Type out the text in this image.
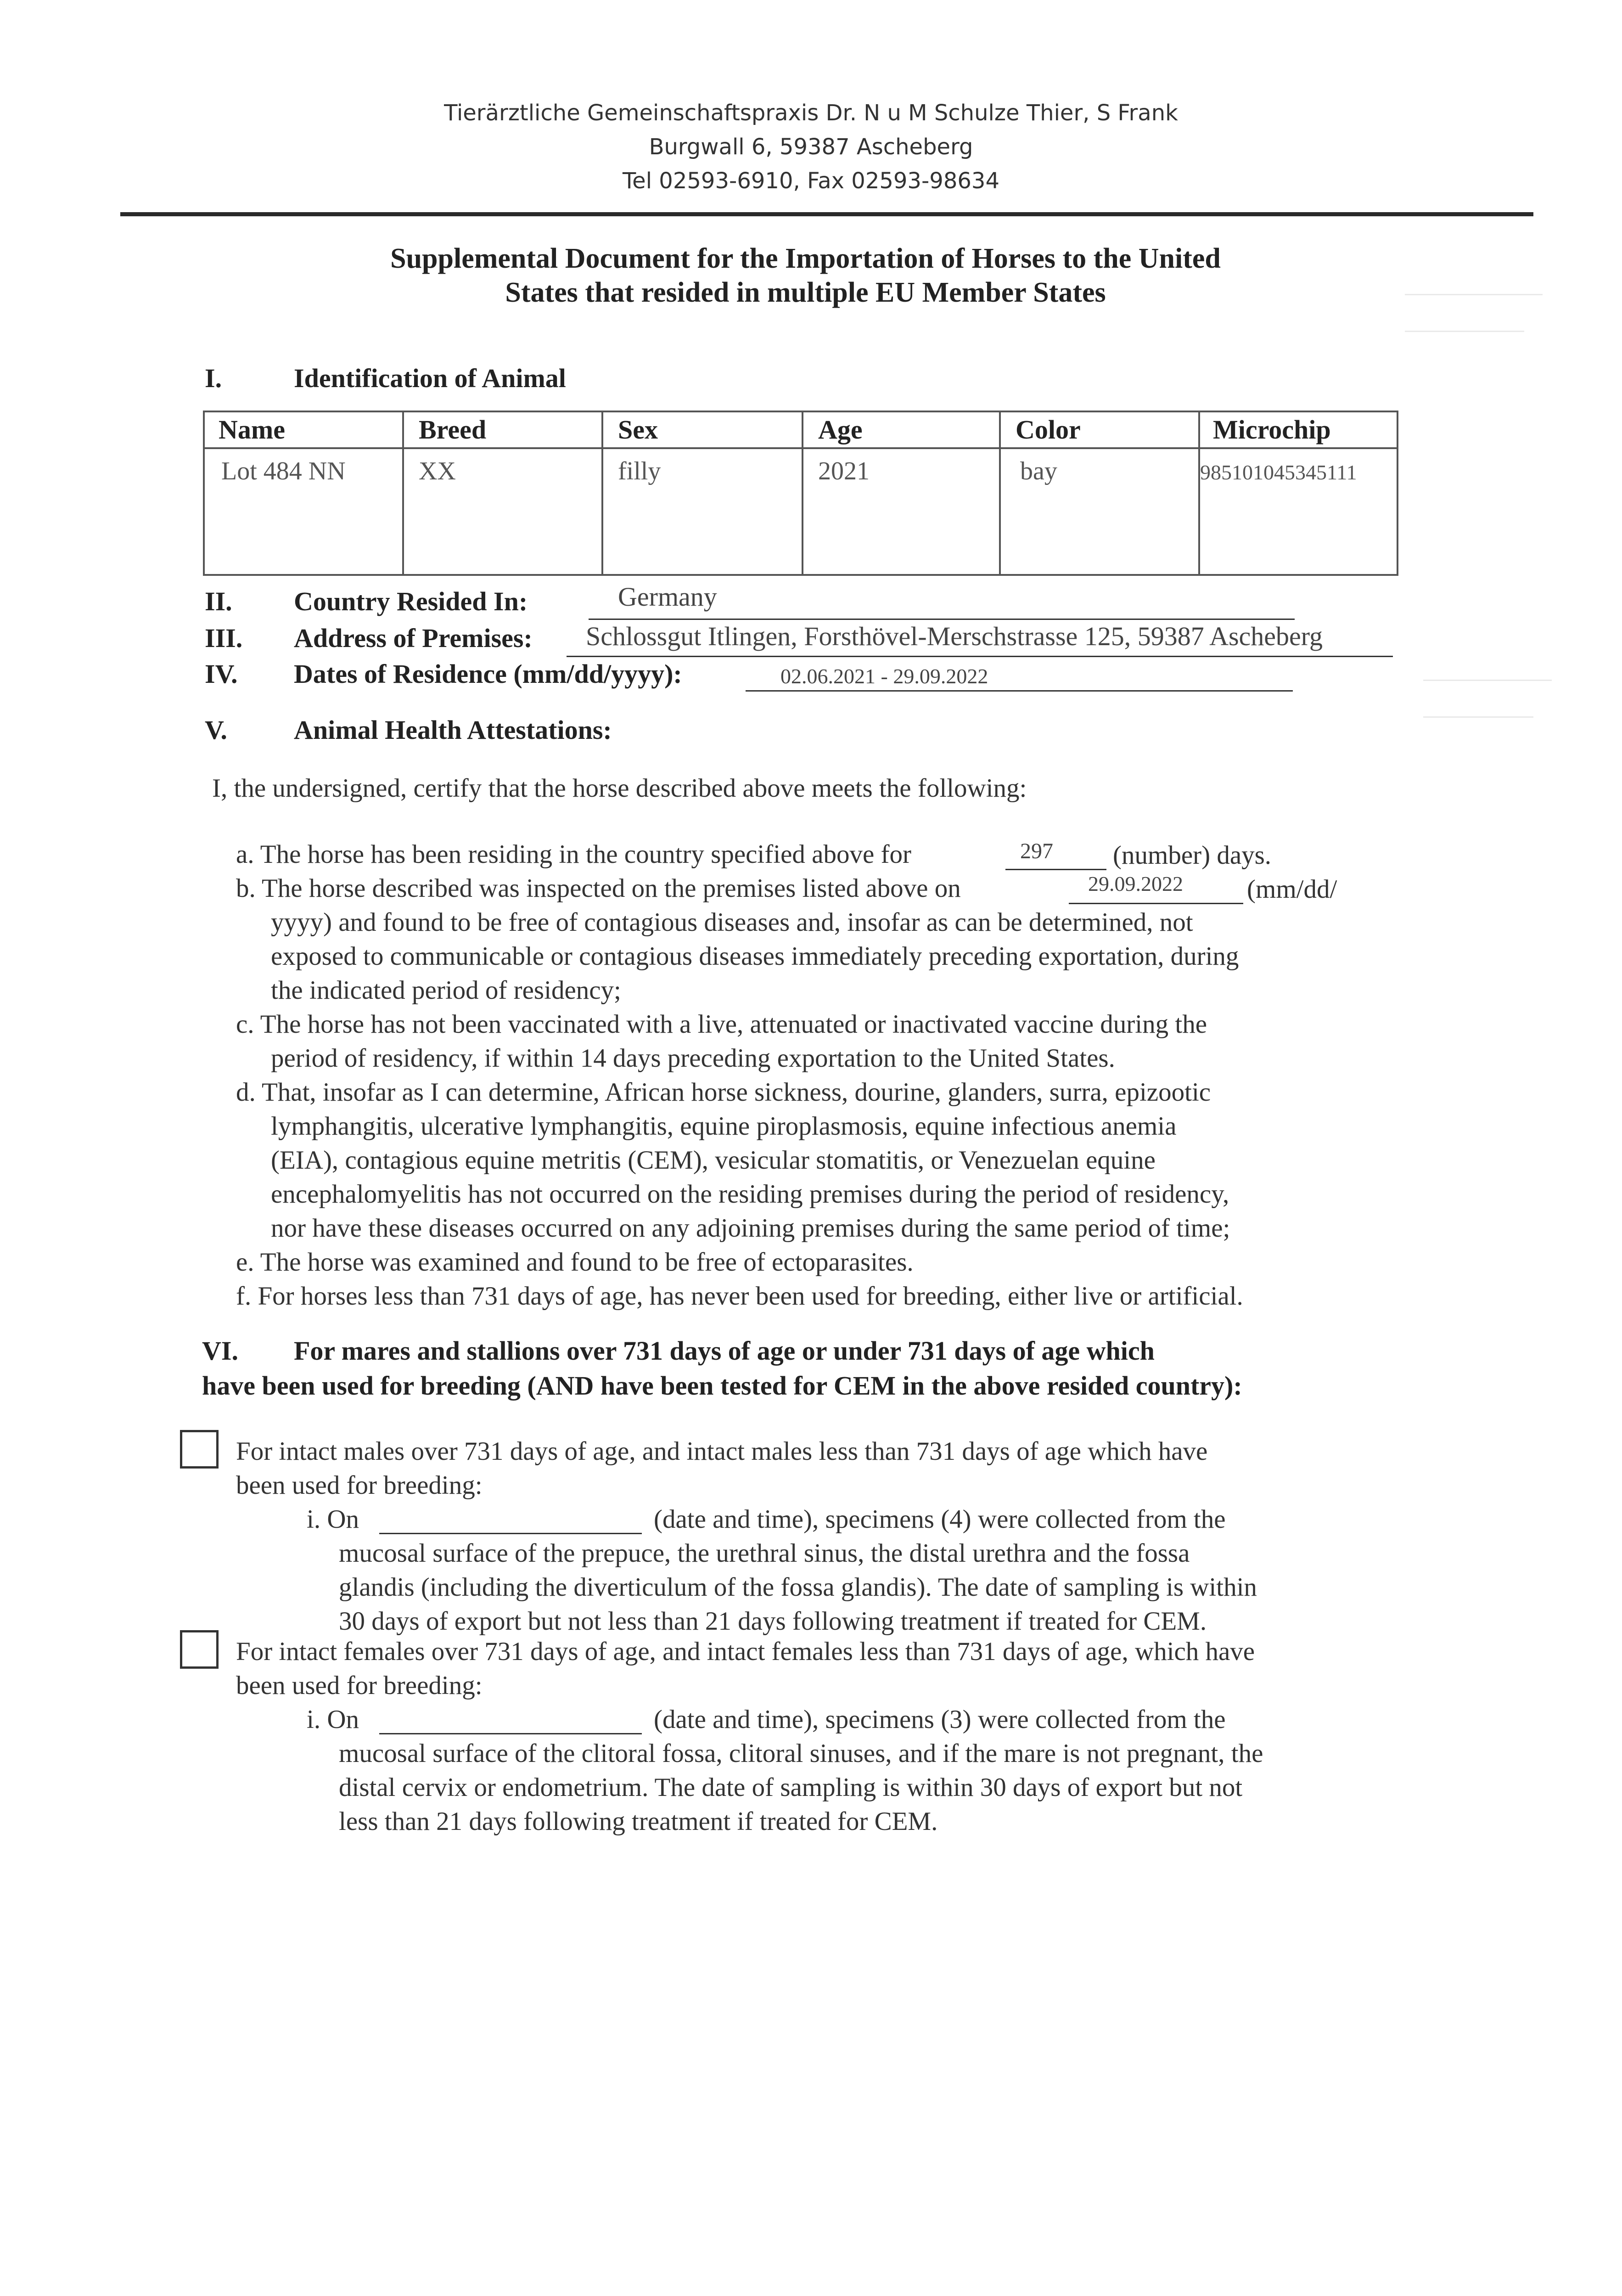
Tierärztliche Gemeinschaftspraxis Dr. N u M Schulze Thier, S Frank
Burgwall 6, 59387 Ascheberg
Tel 02593-6910, Fax 02593-98634
Supplemental Document for the Importation of Horses to the United
States that resided in multiple EU Member States
I.	Identification of Animal
Name	Breed	Sex	Age	Color	Microchip
Lot 484 NN	XX	filly	2021	bay	985101045345111
II. Country Resided In:	Germany
III. Address of Premises: Schlossgut Itlingen, Forsthövel-Merschstrasse 125, 59387 Ascheberg
IV. Dates of Residence (mm/dd/yyyy):	02.06.2021 - 29.09.2022
V.	Animal Health Attestations:
I, the undersigned, certify that the horse described above meets the following:
a. The horse has been residing in the country specified above for	297 (number) days.
b. The horse described was inspected on the premises listed above on	29.09.2022 (mm/dd/
yyyy) and found to be free of contagious diseases and, insofar as can be determined, not
exposed to communicable or contagious diseases immediately preceding exportation, during
the indicated period of residency;
c. The horse has not been vaccinated with a live, attenuated or inactivated vaccine during the
period of residency, if within 14 days preceding exportation to the United States.
d. That, insofar as I can determine, African horse sickness, dourine, glanders, surra, epizootic
lymphangitis, ulcerative lymphangitis, equine piroplasmosis, equine infectious anemia
(EIA), contagious equine metritis (CEM), vesicular stomatitis, or Venezuelan equine
encephalomyelitis has not occurred on the residing premises during the period of residency,
nor have these diseases occurred on any adjoining premises during the same period of time;
e. The horse was examined and found to be free of ectoparasites.
f. For horses less than 731 days of age, has never been used for breeding, either live or artificial.
VI. For mares and stallions over 731 days of age or under 731 days of age which
have been used for breeding (AND have been tested for CEM in the above resided country):
For intact males over 731 days of age, and intact males less than 731 days of age which have
been used for breeding:
i. On	(date and time), specimens (4) were collected from the
mucosal surface of the prepuce, the urethral sinus, the distal urethra and the fossa
glandis (including the diverticulum of the fossa glandis). The date of sampling is within
30 days of export but not less than 21 days following treatment if treated for CEM.
For intact females over 731 days of age, and intact females less than 731 days of age, which have
been used for breeding:
i. On	(date and time), specimens (3) were collected from the
mucosal surface of the clitoral fossa, clitoral sinuses, and if the mare is not pregnant, the
distal cervix or endometrium. The date of sampling is within 30 days of export but not
less than 21 days following treatment if treated for CEM.
